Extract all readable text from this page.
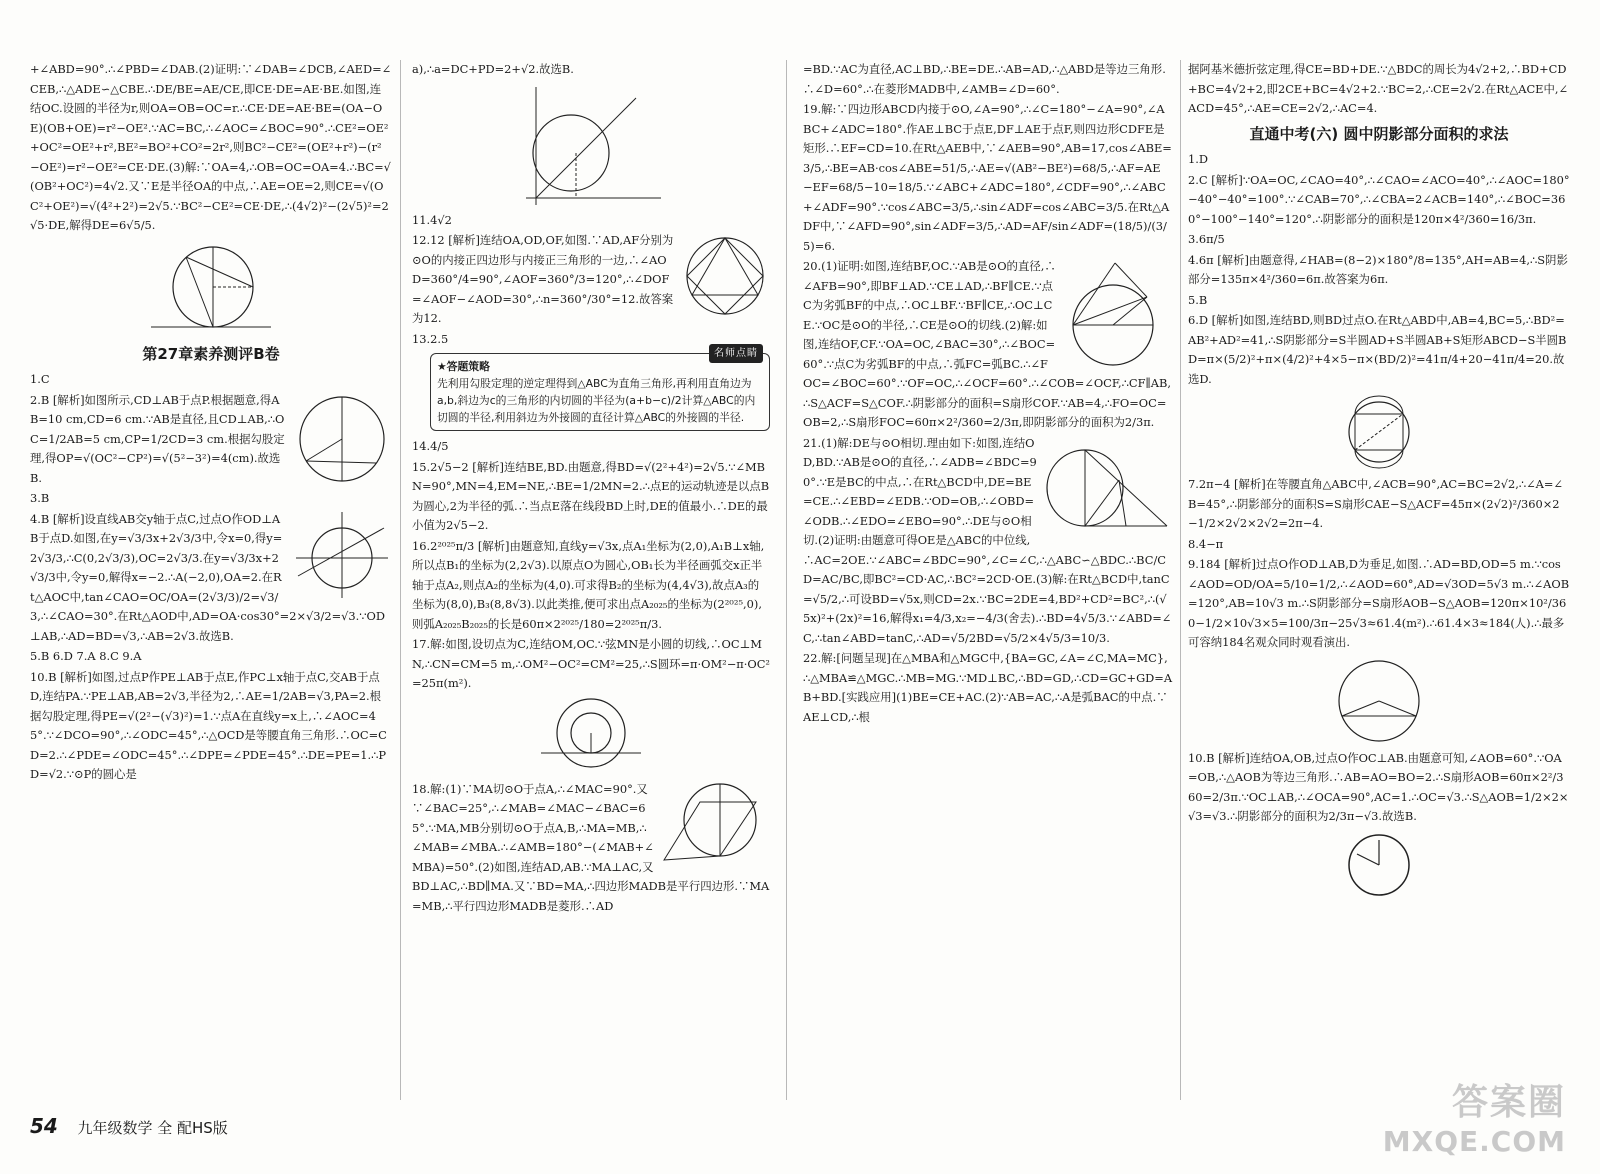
+∠ABD=90°.∴∠PBD=∠DAB.(2)证明:∵∠DAB=∠DCB,∠AED=∠CEB,∴△ADE∽△CBE.∴DE/BE=AE/CE,即CE·DE=AE·BE.如图,连结OC.设圆的半径为r,则OA=OB=OC=r.∴CE·DE=AE·BE=(OA−OE)(OB+OE)=r²−OE².∵AC=BC,∴∠AOC=∠BOC=90°.∴CE²=OE²+OC²=OE²+r²,BE²=BO²+CO²=2r²,则BC²−CE²=(OE²+r²)−(r²−OE²)=r²−OE²=CE·DE.(3)解:∵OA=4,∴OB=OC=OA=4.∴BC=√(OB²+OC²)=4√2.又∵E是半径OA的中点,∴AE=OE=2,则CE=√(OC²+OE²)=√(4²+2²)=2√5.∵BC²−CE²=CE·DE,∴(4√2)²−(2√5)²=2√5·DE,解得DE=6√5/5.

第27章素养测评B卷

1.C

2.B [解析]如图所示,CD⊥AB于点P.根据题意,得AB=10 cm,CD=6 cm.∵AB是直径,且CD⊥AB,∴OC=1/2AB=5 cm,CP=1/2CD=3 cm.根据勾股定理,得OP=√(OC²−CP²)=√(5²−3²)=4(cm).故选B.

3.B

4.B [解析]设直线AB交y轴于点C,过点O作OD⊥AB于点D.如图,在y=√3/3x+2√3/3中,令x=0,得y=2√3/3,∴C(0,2√3/3),OC=2√3/3.在y=√3/3x+2√3/3中,令y=0,解得x=−2.∴A(−2,0),OA=2.在Rt△AOC中,tan∠CAO=OC/OA=(2√3/3)/2=√3/3,∴∠CAO=30°.在Rt△AOD中,AD=OA·cos30°=2×√3/2=√3.∵OD⊥AB,∴AD=BD=√3,∴AB=2√3.故选B.

5.B 6.D 7.A 8.C 9.A

10.B [解析]如图,过点P作PE⊥AB于点E,作PC⊥x轴于点C,交AB于点D,连结PA.∵PE⊥AB,AB=2√3,半径为2,∴AE=1/2AB=√3,PA=2.根据勾股定理,得PE=√(2²−(√3)²)=1.∵点A在直线y=x上,∴∠AOC=45°.∵∠DCO=90°,∴∠ODC=45°,∴△OCD是等腰直角三角形.∴OC=CD=2.∴∠PDE=∠ODC=45°.∴∠DPE=∠PDE=45°.∴DE=PE=1.∴PD=√2.∵⊙P的圆心是

a),∴a=DC+PD=2+√2.故选B.

11.4√2

12.12 [解析]连结OA,OD,OF,如图.∵AD,AF分别为⊙O的内接正四边形与内接正三角形的一边,∴∠AOD=360°/4=90°,∠AOF=360°/3=120°,∴∠DOF=∠AOF−∠AOD=30°,∴n=360°/30°=12.故答案为12.

13.2.5

名师点睛
★答题策略
先利用勾股定理的逆定理得到△ABC为直角三角形,再利用直角边为a,b,斜边为c的三角形的内切圆的半径为(a+b−c)/2计算△ABC的内切圆的半径,利用斜边为外接圆的直径计算△ABC的外接圆的半径.

14.4/5

15.2√5−2 [解析]连结BE,BD.由题意,得BD=√(2²+4²)=2√5.∵∠MBN=90°,MN=4,EM=NE,∴BE=1/2MN=2.∴点E的运动轨迹是以点B为圆心,2为半径的弧.∴当点E落在线段BD上时,DE的值最小.∴DE的最小值为2√5−2.

16.2²⁰²⁵π/3 [解析]由题意知,直线y=√3x,点A₁坐标为(2,0),A₁B⊥x轴,所以点B₁的坐标为(2,2√3).以原点O为圆心,OB₁长为半径画弧交x正半轴于点A₂,则点A₂的坐标为(4,0).可求得B₂的坐标为(4,4√3),故点A₃的坐标为(8,0),B₃(8,8√3).以此类推,便可求出点A₂₀₂₅的坐标为(2²⁰²⁵,0),则弧A₂₀₂₅B₂₀₂₅的长是60π×2²⁰²⁵/180=2²⁰²⁵π/3.

17.解:如图,设切点为C,连结OM,OC.∵弦MN是小圆的切线,∴OC⊥MN,∴CN=CM=5 m,∴OM²−OC²=CM²=25,∴S圆环=π·OM²−π·OC²=25π(m²).

18.解:(1)∵MA切⊙O于点A,∴∠MAC=90°.又∵∠BAC=25°,∴∠MAB=∠MAC−∠BAC=65°.∵MA,MB分别切⊙O于点A,B,∴MA=MB,∴∠MAB=∠MBA.∴∠AMB=180°−(∠MAB+∠MBA)=50°.(2)如图,连结AD,AB.∵MA⊥AC,又BD⊥AC,∴BD∥MA.又∵BD=MA,∴四边形MADB是平行四边形.∵MA=MB,∴平行四边形MADB是菱形.∴AD

=BD.∵AC为直径,AC⊥BD,∴BE=DE.∴AB=AD,∴△ABD是等边三角形.∴∠D=60°.∴在菱形MADB中,∠AMB=∠D=60°.

19.解:∵四边形ABCD内接于⊙O,∠A=90°,∴∠C=180°−∠A=90°,∠ABC+∠ADC=180°.作AE⊥BC于点E,DF⊥AE于点F,则四边形CDFE是矩形.∴EF=CD=10.在Rt△AEB中,∵∠AEB=90°,AB=17,cos∠ABE=3/5,∴BE=AB·cos∠ABE=51/5,∴AE=√(AB²−BE²)=68/5,∴AF=AE−EF=68/5−10=18/5.∵∠ABC+∠ADC=180°,∠CDF=90°,∴∠ABC+∠ADF=90°.∵cos∠ABC=3/5,∴sin∠ADF=cos∠ABC=3/5.在Rt△ADF中,∵∠AFD=90°,sin∠ADF=3/5,∴AD=AF/sin∠ADF=(18/5)/(3/5)=6.

20.(1)证明:如图,连结BF,OC.∵AB是⊙O的直径,∴∠AFB=90°,即BF⊥AD.∵CE⊥AD,∴BF∥CE.∵点C为劣弧BF的中点,∴OC⊥BF.∵BF∥CE,∴OC⊥CE.∵OC是⊙O的半径,∴CE是⊙O的切线.(2)解:如图,连结OF,CF.∵OA=OC,∠BAC=30°,∴∠BOC=60°.∵点C为劣弧BF的中点,∴弧FC=弧BC.∴∠FOC=∠BOC=60°.∵OF=OC,∴∠OCF=60°.∴∠COB=∠OCF,∴CF∥AB,∴S△ACF=S△COF.∴阴影部分的面积=S扇形COF.∵AB=4,∴FO=OC=OB=2,∴S扇形FOC=60π×2²/360=2/3π,即阴影部分的面积为2/3π.

21.(1)解:DE与⊙O相切.理由如下:如图,连结OD,BD.∵AB是⊙O的直径,∴∠ADB=∠BDC=90°.∵E是BC的中点,∴在Rt△BCD中,DE=BE=CE.∴∠EBD=∠EDB.∵OD=OB,∴∠OBD=∠ODB.∴∠EDO=∠EBO=90°.∴DE与⊙O相切.(2)证明:由题意可得OE是△ABC的中位线,∴AC=2OE.∵∠ABC=∠BDC=90°,∠C=∠C,∴△ABC∽△BDC.∴BC/CD=AC/BC,即BC²=CD·AC,∴BC²=2CD·OE.(3)解:在Rt△BCD中,tanC=√5/2,∴可设BD=√5x,则CD=2x.∵BC=2DE=4,BD²+CD²=BC²,∴(√5x)²+(2x)²=16,解得x₁=4/3,x₂=−4/3(舍去).∴BD=4√5/3.∵∠ABD=∠C,∴tan∠ABD=tanC,∴AD=√5/2BD=√5/2×4√5/3=10/3.

22.解:[问题呈现]在△MBA和△MGC中,{BA=GC,∠A=∠C,MA=MC},∴△MBA≌△MGC.∴MB=MG.∵MD⊥BC,∴BD=GD,∴CD=GC+GD=AB+BD.[实践应用](1)BE=CE+AC.(2)∵AB=AC,∴A是弧BAC的中点.∵AE⊥CD,∴根

据阿基米德折弦定理,得CE=BD+DE.∵△BDC的周长为4√2+2,∴BD+CD+BC=4√2+2,即2CE+BC=4√2+2.∵BC=2,∴CE=2√2.在Rt△ACE中,∠ACD=45°,∴AE=CE=2√2,∴AC=4.

直通中考(六) 圆中阴影部分面积的求法

1.D

2.C [解析]∵OA=OC,∠CAO=40°,∴∠CAO=∠ACO=40°,∴∠AOC=180°−40°−40°=100°.∵∠CAB=70°,∴∠CBA=2∠ACB=140°,∴∠BOC=360°−100°−140°=120°.∴阴影部分的面积是120π×4²/360=16/3π.

3.6π/5

4.6π [解析]由题意得,∠HAB=(8−2)×180°/8=135°,AH=AB=4,∴S阴影部分=135π×4²/360=6π.故答案为6π.

5.B

6.D [解析]如图,连结BD,则BD过点O.在Rt△ABD中,AB=4,BC=5,∴BD²=AB²+AD²=41,∴S阴影部分=S半圆AD+S半圆AB+S矩形ABCD−S半圆BD=π×(5/2)²+π×(4/2)²+4×5−π×(BD/2)²=41π/4+20−41π/4=20.故选D.

7.2π−4 [解析]在等腰直角△ABC中,∠ACB=90°,AC=BC=2√2,∴∠A=∠B=45°,∴阴影部分的面积S=S扇形CAE−S△ACF=45π×(2√2)²/360×2−1/2×2√2×2√2=2π−4.

8.4−π

9.184 [解析]过点O作OD⊥AB,D为垂足,如图.∴AD=BD,OD=5 m.∵cos∠AOD=OD/OA=5/10=1/2,∴∠AOD=60°,AD=√3OD=5√3 m.∴∠AOB=120°,AB=10√3 m.∴S阴影部分=S扇形AOB−S△AOB=120π×10²/360−1/2×10√3×5=100/3π−25√3≈61.4(m²).∴61.4×3≈184(人).∴最多可容纳184名观众同时观看演出.

10.B [解析]连结OA,OB,过点O作OC⊥AB.由题意可知,∠AOB=60°.∵OA=OB,∴△AOB为等边三角形.∴AB=AO=BO=2.∴S扇形AOB=60π×2²/360=2/3π.∵OC⊥AB,∴∠OCA=90°,AC=1.∴OC=√3.∴S△AOB=1/2×2×√3=√3.∴阴影部分的面积为2/3π−√3.故选B.

54 九年级数学 全 配HS版
答案圈
MXQE.COM
